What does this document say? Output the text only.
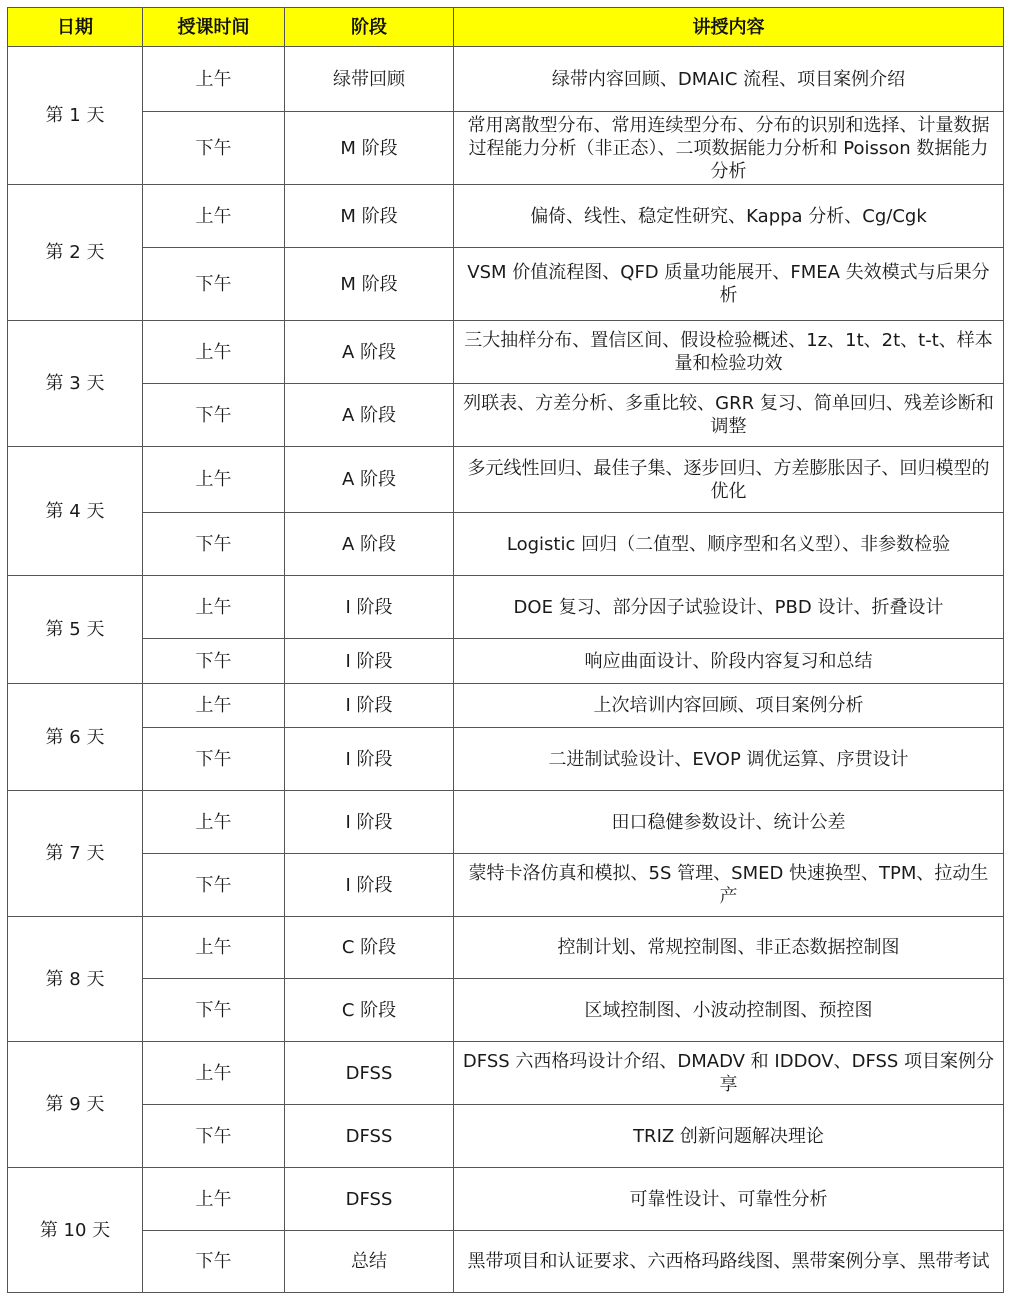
日期	授课时间	阶段	讲授内容
第 1 天	上午	绿带回顾	绿带内容回顾、DMAIC 流程、项目案例介绍
	下午	M 阶段	常用离散型分布、常用连续型分布、分布的识别和选择、计量数据过程能力分析（非正态）、二项数据能力分析和 Poisson 数据能力分析
第 2 天	上午	M 阶段	偏倚、线性、稳定性研究、Kappa 分析、Cg/Cgk
	下午	M 阶段	VSM 价值流程图、QFD 质量功能展开、FMEA 失效模式与后果分析
第 3 天	上午	A 阶段	三大抽样分布、置信区间、假设检验概述、1z、1t、2t、t-t、样本量和检验功效
	下午	A 阶段	列联表、方差分析、多重比较、GRR 复习、简单回归、残差诊断和调整
第 4 天	上午	A 阶段	多元线性回归、最佳子集、逐步回归、方差膨胀因子、回归模型的优化
	下午	A 阶段	Logistic 回归（二值型、顺序型和名义型）、非参数检验
第 5 天	上午	I 阶段	DOE 复习、部分因子试验设计、PBD 设计、折叠设计
	下午	I 阶段	响应曲面设计、阶段内容复习和总结
第 6 天	上午	I 阶段	上次培训内容回顾、项目案例分析
	下午	I 阶段	二进制试验设计、EVOP 调优运算、序贯设计
第 7 天	上午	I 阶段	田口稳健参数设计、统计公差
	下午	I 阶段	蒙特卡洛仿真和模拟、5S 管理、SMED 快速换型、TPM、拉动生产
第 8 天	上午	C 阶段	控制计划、常规控制图、非正态数据控制图
	下午	C 阶段	区域控制图、小波动控制图、预控图
第 9 天	上午	DFSS	DFSS 六西格玛设计介绍、DMADV 和 IDDOV、DFSS 项目案例分享
	下午	DFSS	TRIZ 创新问题解决理论
第 10 天	上午	DFSS	可靠性设计、可靠性分析
	下午	总结	黑带项目和认证要求、六西格玛路线图、黑带案例分享、黑带考试
